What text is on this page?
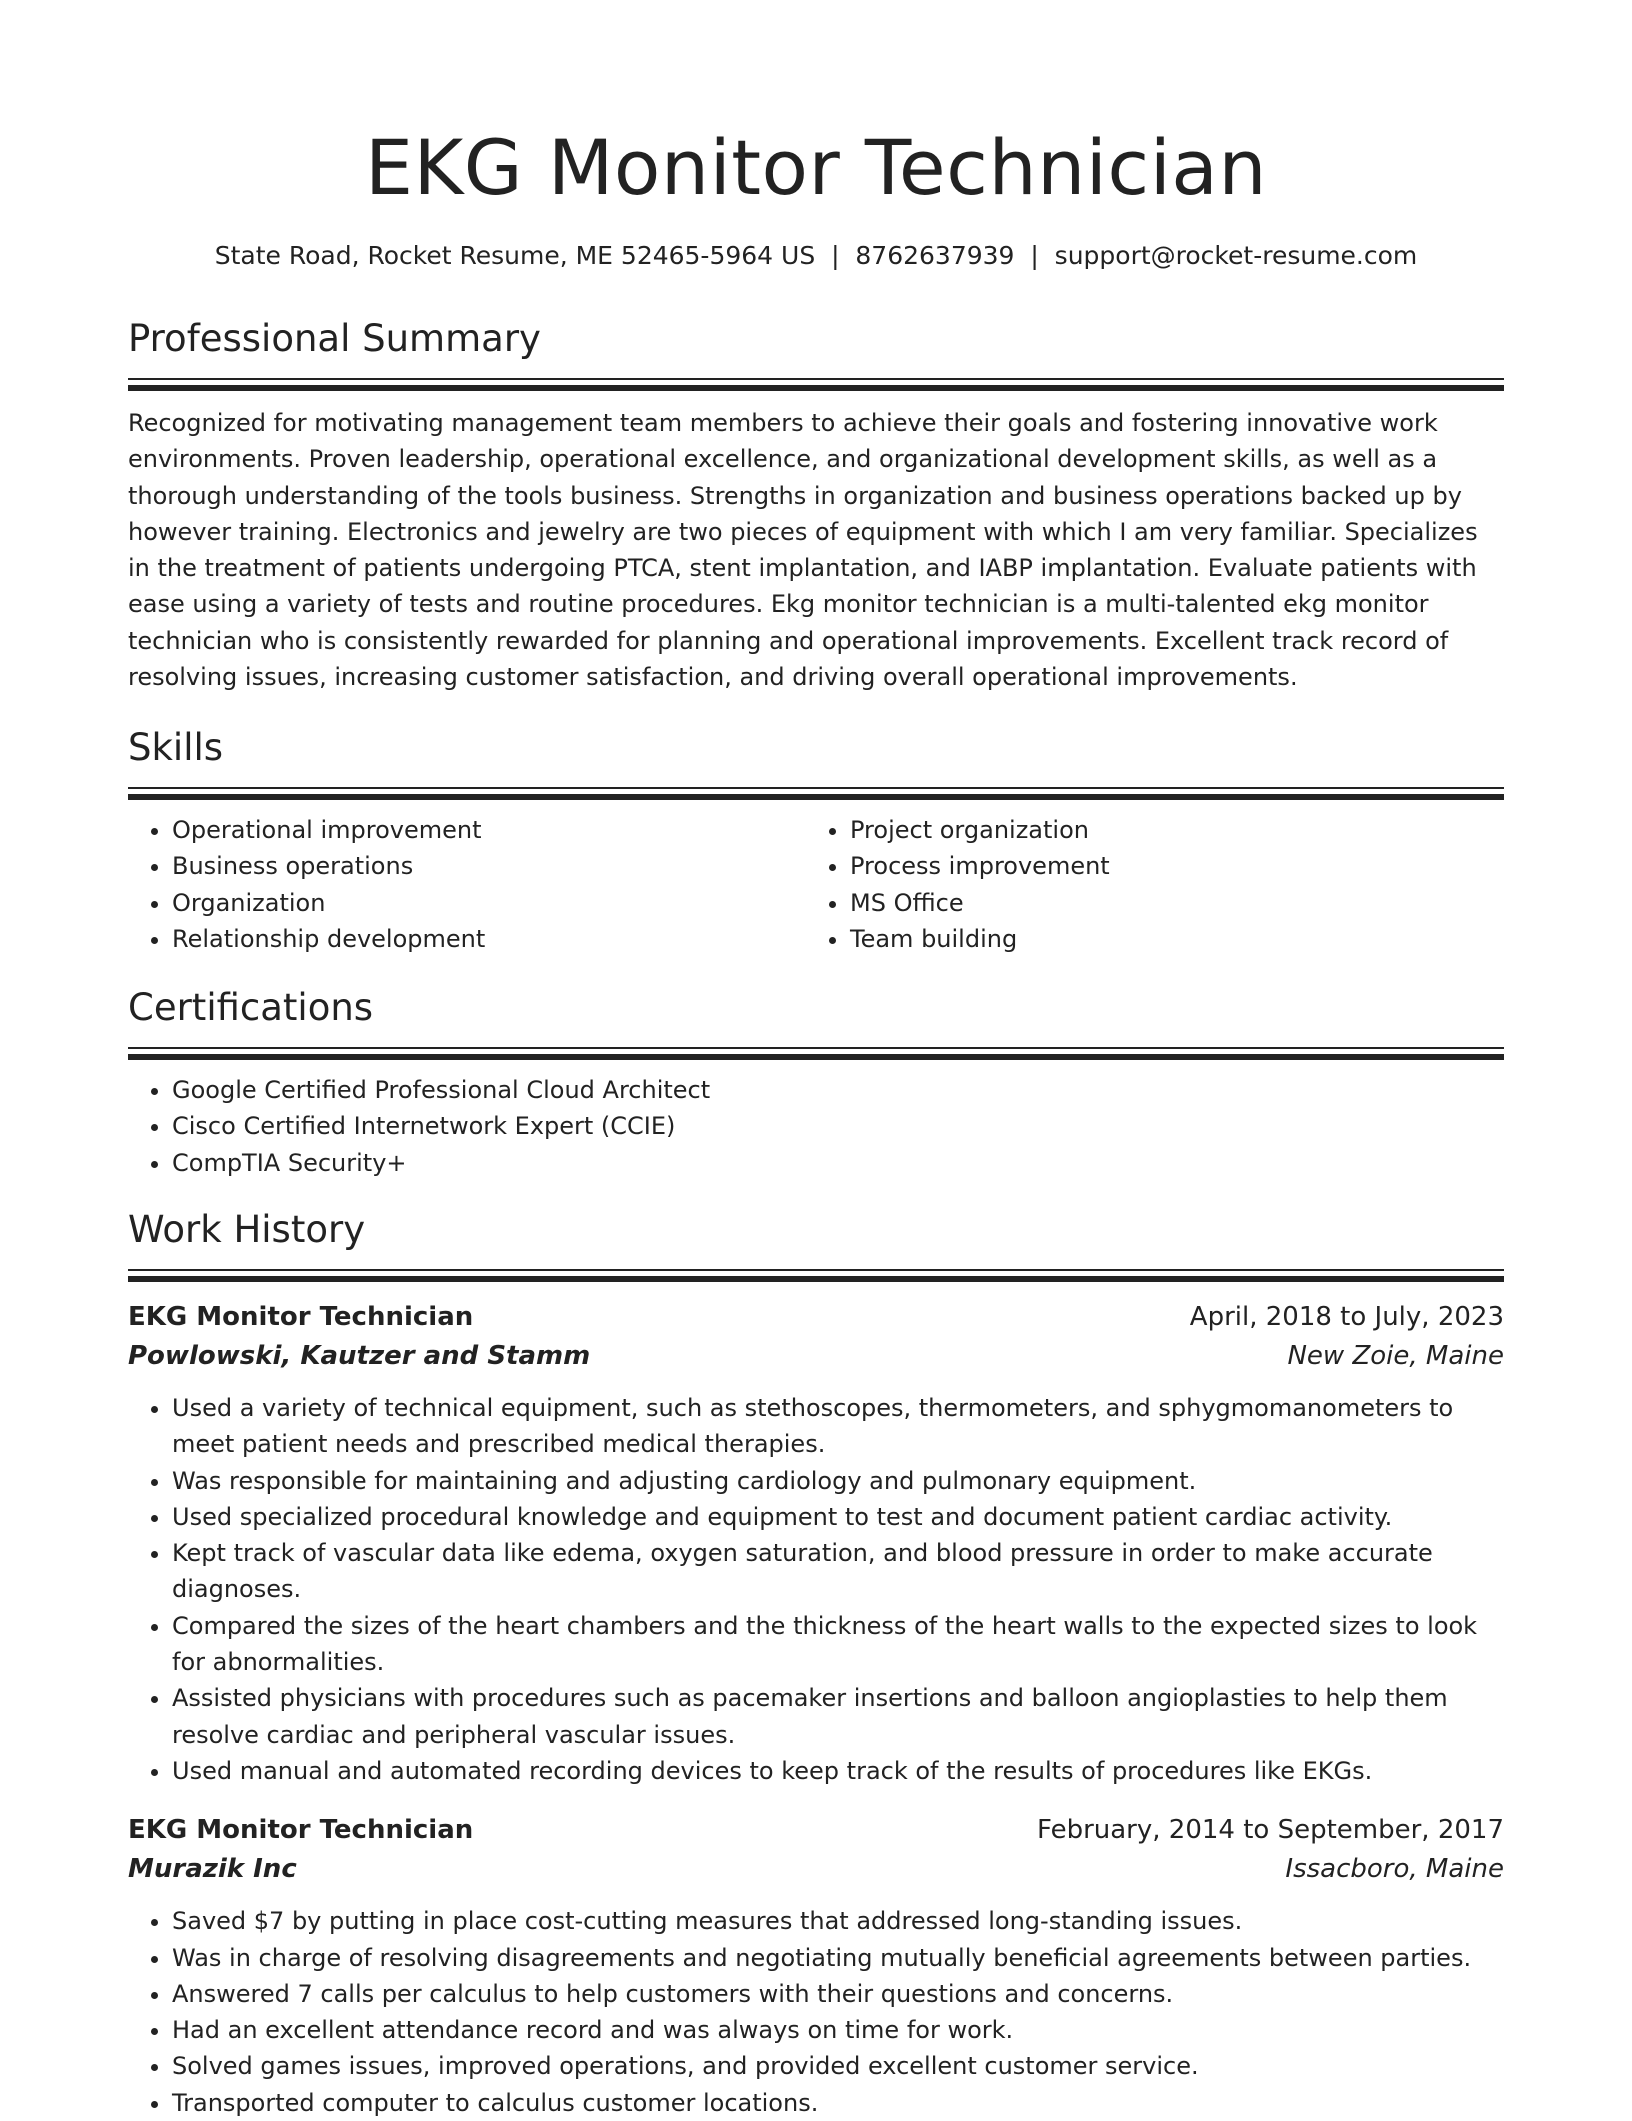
EKG Monitor Technician
State Road, Rocket Resume, ME 52465-5964 US  |  8762637939  |  support@rocket-resume.com
Professional Summary

Recognized for motivating management team members to achieve their goals and fostering innovative work environments. Proven leadership, operational excellence, and organizational development skills, as well as a thorough understanding of the tools business. Strengths in organization and business operations backed up by however training. Electronics and jewelry are two pieces of equipment with which I am very familiar. Specializes in the treatment of patients undergoing PTCA, stent implantation, and IABP implantation. Evaluate patients with ease using a variety of tests and routine procedures. Ekg monitor technician is a multi-talented ekg monitor technician who is consistently rewarded for planning and operational improvements. Excellent track record of resolving issues, increasing customer satisfaction, and driving overall operational improvements.

Skills
• Operational improvement
• Business operations
• Organization
• Relationship development
• Project organization
• Process improvement
• MS Office
• Team building
Certifications
• Google Certified Professional Cloud Architect
• Cisco Certified Internetwork Expert (CCIE)
• CompTIA Security+
Work History
EKG Monitor Technician	April, 2018 to July, 2023
Powlowski, Kautzer and Stamm	New Zoie, Maine
• Used a variety of technical equipment, such as stethoscopes, thermometers, and sphygmomanometers to meet patient needs and prescribed medical therapies.
• Was responsible for maintaining and adjusting cardiology and pulmonary equipment.
• Used specialized procedural knowledge and equipment to test and document patient cardiac activity.
• Kept track of vascular data like edema, oxygen saturation, and blood pressure in order to make accurate diagnoses.
• Compared the sizes of the heart chambers and the thickness of the heart walls to the expected sizes to look for abnormalities.
• Assisted physicians with procedures such as pacemaker insertions and balloon angioplasties to help them resolve cardiac and peripheral vascular issues.
• Used manual and automated recording devices to keep track of the results of procedures like EKGs.
EKG Monitor Technician	February, 2014 to September, 2017
Murazik Inc	Issacboro, Maine
• Saved $7 by putting in place cost-cutting measures that addressed long-standing issues.
• Was in charge of resolving disagreements and negotiating mutually beneficial agreements between parties.
• Answered 7 calls per calculus to help customers with their questions and concerns.
• Had an excellent attendance record and was always on time for work.
• Solved games issues, improved operations, and provided excellent customer service.
• Transported computer to calculus customer locations.
